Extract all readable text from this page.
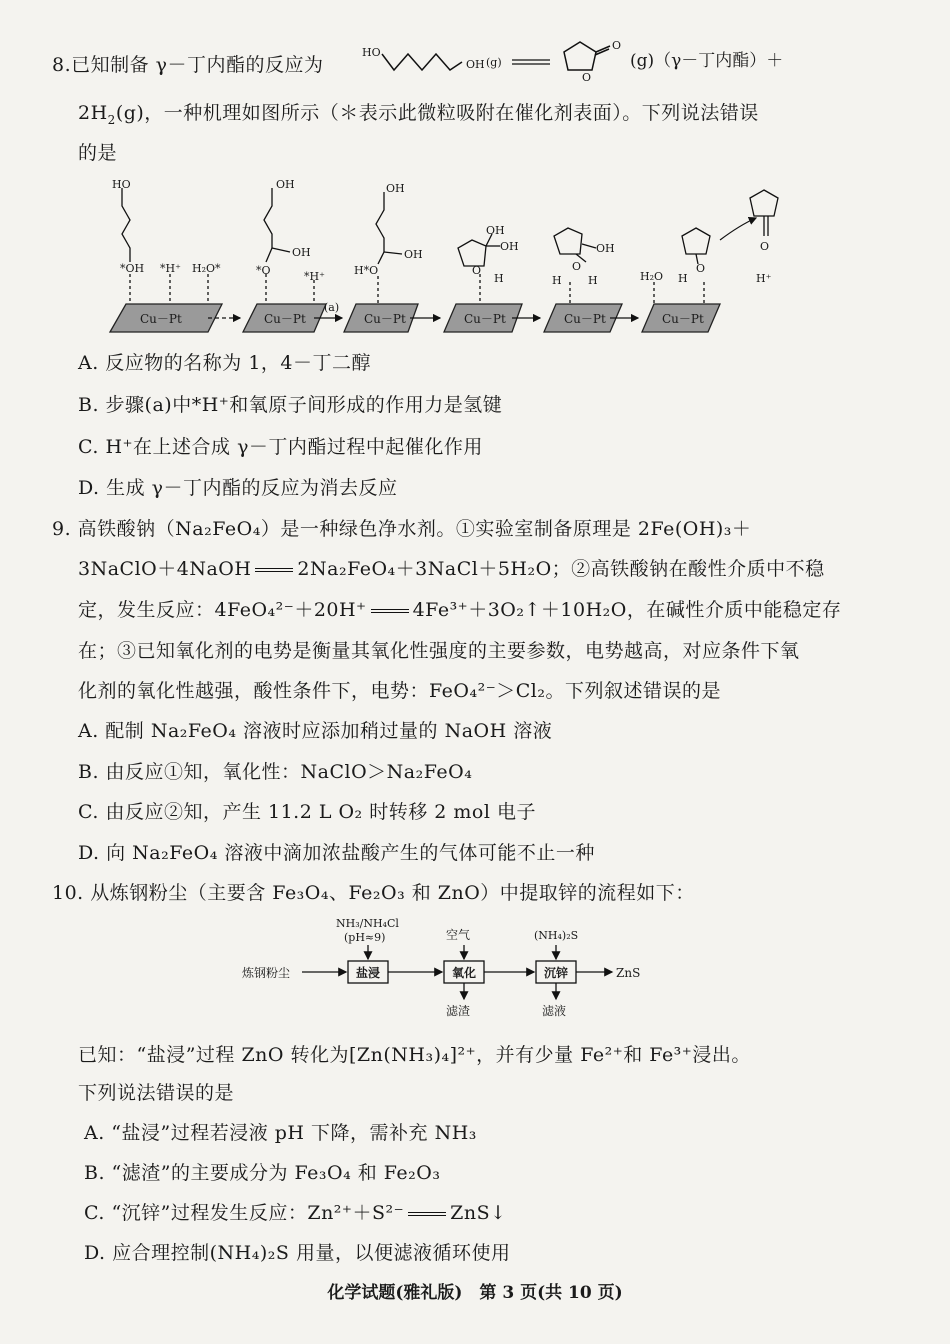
8.已知制备 γ－丁内酯的反应为
HO
OH (g)
O
O
(g)（γ－丁内酯）＋
$2H_2(g)$，一种机理如图所示（＊表示此微粒吸附在催化剂表面）。下列说法错误
的是
Cu－Pt	Cu－Pt	Cu－Pt	Cu－Pt	Cu－Pt	Cu－Pt
(a)
HO
*OH *H⁺ H₂O*
OH
OH
*O	*H⁺
OH
OH
H*O
OH
OH
O
H
OH
O
H H	H₂O H
O
O
H⁺
A. 反应物的名称为 1，4－丁二醇
B. 步骤(a)中*H⁺和氧原子间形成的作用力是氢键
C. H⁺在上述合成 γ－丁内酯过程中起催化作用
D. 生成 γ－丁内酯的反应为消去反应
9. 高铁酸钠（Na₂FeO₄）是一种绿色净水剂。①实验室制备原理是 2Fe(OH)₃＋
3NaClO＋4NaOH 2Na₂FeO₄＋3NaCl＋5H₂O；②高铁酸钠在酸性介质中不稳
定，发生反应：4FeO₄²⁻＋20H⁺ 4Fe³⁺＋3O₂↑＋10H₂O，在碱性介质中能稳定存
在；③已知氧化剂的电势是衡量其氧化性强度的主要参数，电势越高，对应条件下氧
化剂的氧化性越强，酸性条件下，电势：FeO₄²⁻＞Cl₂。下列叙述错误的是
A. 配制 Na₂FeO₄ 溶液时应添加稍过量的 NaOH 溶液
B. 由反应①知，氧化性：NaClO＞Na₂FeO₄
C. 由反应②知，产生 11.2 L O₂ 时转移 2 mol 电子
D. 向 Na₂FeO₄ 溶液中滴加浓盐酸产生的气体可能不止一种
10. 从炼钢粉尘（主要含 Fe₃O₄、Fe₂O₃ 和 ZnO）中提取锌的流程如下：
炼钢粉尘
NH₃/NH₄Cl
(pH≈9)	空气	(NH₄)₂S
ZnS
滤渣	滤液
盐浸	氧化	沉锌
已知：“盐浸”过程 ZnO 转化为[Zn(NH₃)₄]²⁺，并有少量 Fe²⁺和 Fe³⁺浸出。
下列说法错误的是
A. “盐浸”过程若浸液 pH 下降，需补充 NH₃
B. “滤渣”的主要成分为 Fe₃O₄ 和 Fe₂O₃
C. “沉锌”过程发生反应：Zn²⁺＋S²⁻ ZnS↓
D. 应合理控制(NH₄)₂S 用量，以便滤液循环使用
化学试题(雅礼版)　第 3 页(共 10 页)
